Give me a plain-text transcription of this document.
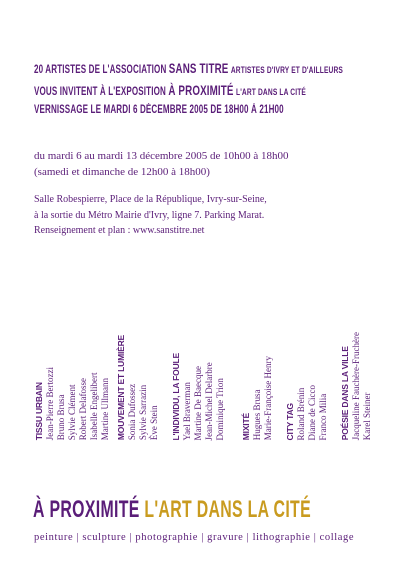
20 ARTISTES DE L'ASSOCIATION SANS TITRE ARTISTES D'IVRY ET D'AILLEURS
VOUS INVITENT À L'EXPOSITION À PROXIMITÉ L'ART DANS LA CITÉ
VERNISSAGE LE MARDI 6 DÉCEMBRE 2005 DE 18H00 À 21H00
du mardi 6 au mardi 13 décembre 2005 de 10h00 à 18h00
(samedi et dimanche de 12h00 à 18h00)
Salle Robespierre, Place de la République, Ivry-sur-Seine,
à la sortie du Métro Mairie d'Ivry, ligne 7. Parking Marat.
Renseignement et plan : www.sanstitre.net
TISSU URBAIN Jean-Pierre Bertozzi Bruno Brusa Sylvie Clément Robert Delafosse Isabelle Engelibert Martine Ullmann MOUVEMENT ET LUMIÈRE Sonia Dufossez Sylvie Sarrazin Ève Stein L'INDIVIDU, LA FOULE Yael Braverman Martine De Baecque Jean-Michel Delarbre Dominique Trion MIXITÉ Hugues Brusa Marie-Françoise Henry CITY TAG Roland Brénin Diane de Cicco Franco Milia POÉSIE DANS LA VILLE Jacqueline Fauchère-Fruchère Karel Steiner
À PROXIMITÉ L'ART DANS LA CITÉ
peinture | sculpture | photographie | gravure | lithographie | collage
